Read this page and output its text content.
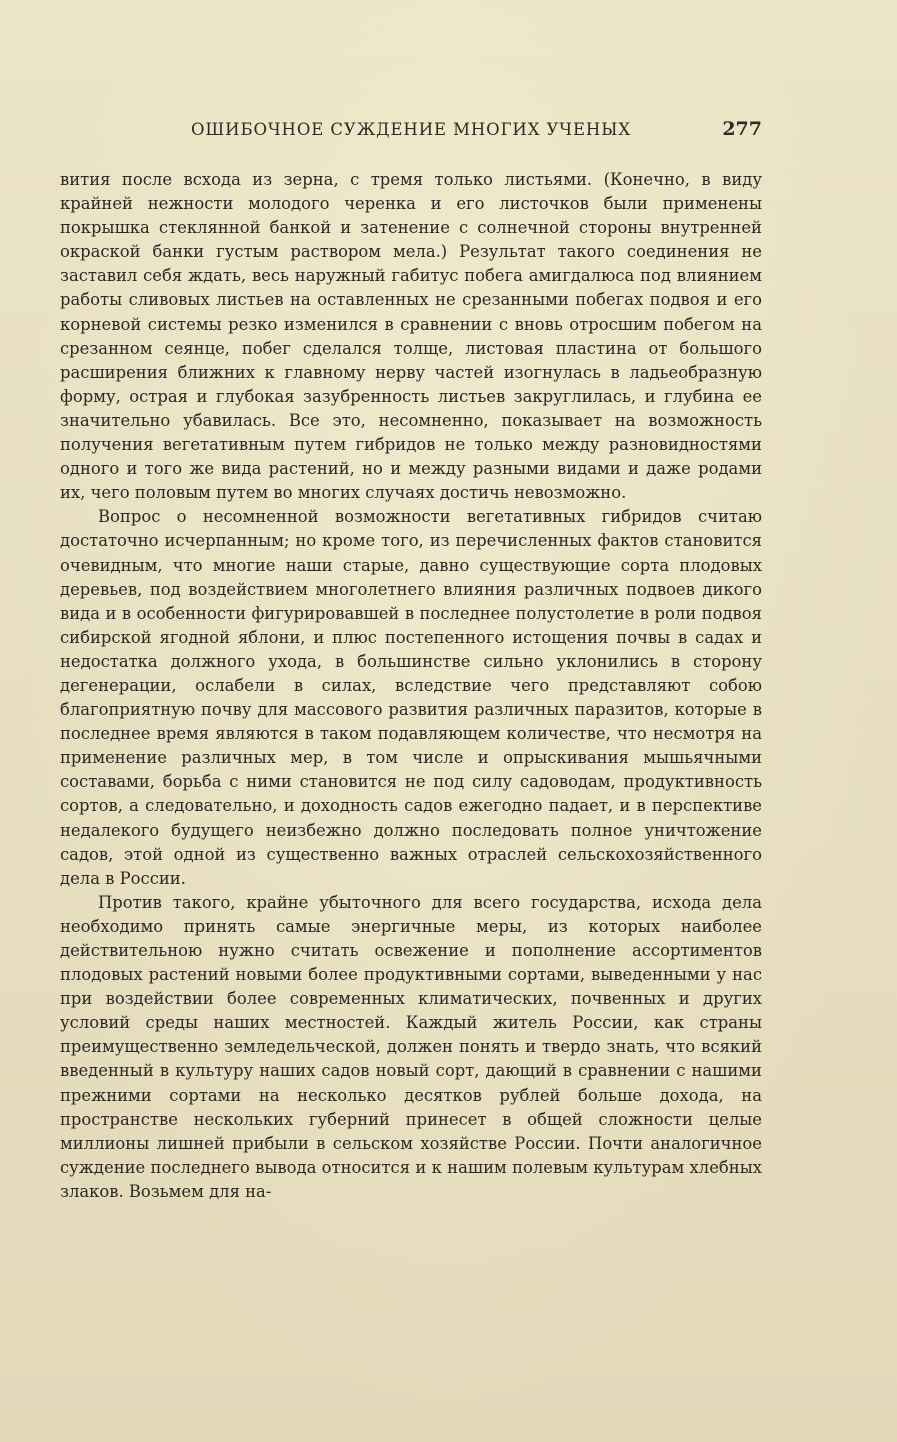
ОШИБОЧНОЕ СУЖДЕНИЕ МНОГИХ УЧЕНЫХ	277

вития после всхода из зерна, с тремя только листьями. (Конечно, в виду крайней нежности молодого черенка и его листочков были применены покрышка стеклянной банкой и затенение с солнечной стороны внутренней окраской банки густым раствором мела.) Результат такого соединения не заставил себя ждать, весь наружный габитус побега амигдалюса под влиянием работы сливовых листьев на оставленных не срезанными побегах подвоя и его корневой системы резко изменился в сравнении с вновь отросшим побегом на срезанном сеянце, побег сделался толще, листовая пластина от большого расширения ближних к главному нерву частей изогнулась в ладьеобразную форму, острая и глубокая зазубренность листьев закруглилась, и глубина ее значительно убавилась. Все это, несомненно, показывает на возможность получения вегетативным путем гибридов не только между разновидностями одного и того же вида растений, но и между разными видами и даже родами их, чего половым путем во многих случаях достичь невозможно.

Вопрос о несомненной возможности вегетативных гибридов считаю достаточно исчерпанным; но кроме того, из перечисленных фактов становится очевидным, что многие наши старые, давно существующие сорта плодовых деревьев, под воздействием многолетнего влияния различных подвоев дикого вида и в особенности фигурировавшей в последнее полустолетие в роли подвоя сибирской ягодной яблони, и плюс постепенного истощения почвы в садах и недостатка должного ухода, в большинстве сильно уклонились в сторону дегенерации, ослабели в силах, вследствие чего представляют собою благоприятную почву для массового развития различных паразитов, которые в последнее время являются в таком подавляющем количестве, что несмотря на применение различных мер, в том числе и опрыскивания мышьячными составами, борьба с ними становится не под силу садоводам, продуктивность сортов, а следовательно, и доходность садов ежегодно падает, и в перспективе недалекого будущего неизбежно должно последовать полное уничтожение садов, этой одной из существенно важных отраслей сельскохозяйственного дела в России.

Против такого, крайне убыточного для всего государства, исхода дела необходимо принять самые энергичные меры, из которых наиболее действительною нужно считать освежение и пополнение ассортиментов плодовых растений новыми более продуктивными сортами, выведенными у нас при воздействии более современных климатических, почвенных и других условий среды наших местностей. Каждый житель России, как страны преимущественно земледельческой, должен понять и твердо знать, что всякий введенный в культуру наших садов новый сорт, дающий в сравнении с нашими прежними сортами на несколько десятков рублей больше дохода, на пространстве нескольких губерний принесет в общей сложности целые миллионы лишней прибыли в сельском хозяйстве России. Почти аналогичное суждение последнего вывода относится и к нашим полевым культурам хлебных злаков. Возьмем для на-
